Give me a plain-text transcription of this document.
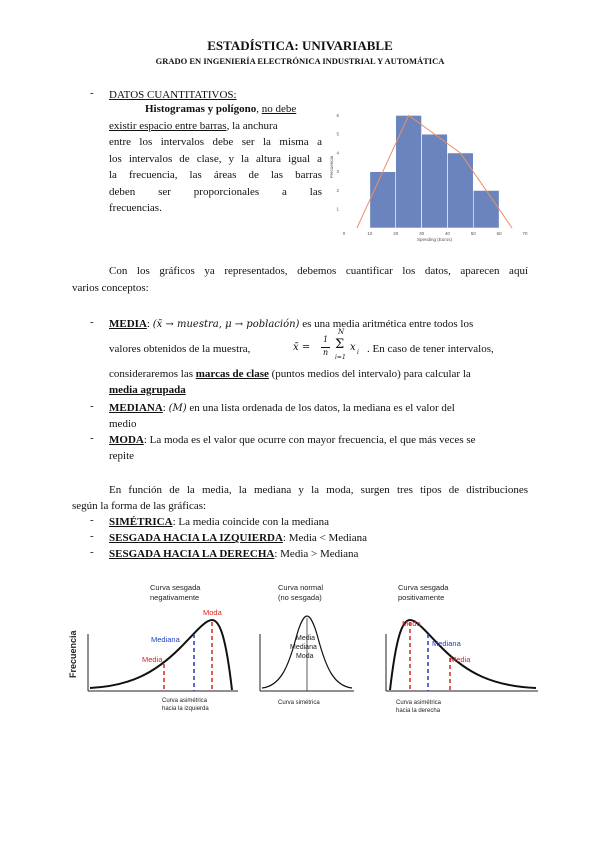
ESTADÍSTICA: UNIVARIABLE
GRADO EN INGENIERÍA ELECTRÓNICA INDUSTRIAL Y AUTOMÁTICA
- DATOS CUANTITATIVOS:
Histogramas y polígono, no debe
existir espacio entre barras, la anchura
entre los intervalos debe ser la misma a
los intervalos de clase, y la altura igual a
la frecuencia, las áreas de las barras
deben ser proporcionales a las
frecuencias.
0	10	20	30	40	50	60	70
1
2
3
4
5
6
Spending (Euros)
Frecuencia
Con los gráficos ya representados, debemos cuantificar los datos, aparecen aquí
varios conceptos:
- MEDIA: (x̄ → muestra, μ → población) es una media aritmética entre todos los
valores obtenidos de la muestra,	x̄ =
1
n
N
Σ
i=1
x i . En caso de tener intervalos,
consideraremos las marcas de clase (puntos medios del intervalo) para calcular la
media agrupada
- MEDIANA: (M) en una lista ordenada de los datos, la mediana es el valor del
medio
- MODA: La moda es el valor que ocurre con mayor frecuencia, el que más veces se
repite
En función de la media, la mediana y la moda, surgen tres tipos de distribuciones
según la forma de las gráficas:
- SIMÉTRICA: La media coincide con la mediana
- SESGADA HACIA LA IZQUIERDA: Media < Mediana
- SESGADA HACIA LA DERECHA: Media > Mediana
Frecuencia
Curva sesgada
negativamente
Moda
Mediana
Media
Curva asimétrica
hacia la izquierda
Curva normal
(no sesgada)
Media
Mediana
Moda
Curva simétrica
Curva sesgada
positivamente
Moda
Mediana
Media
Curva asimétrica
hacia la derecha
